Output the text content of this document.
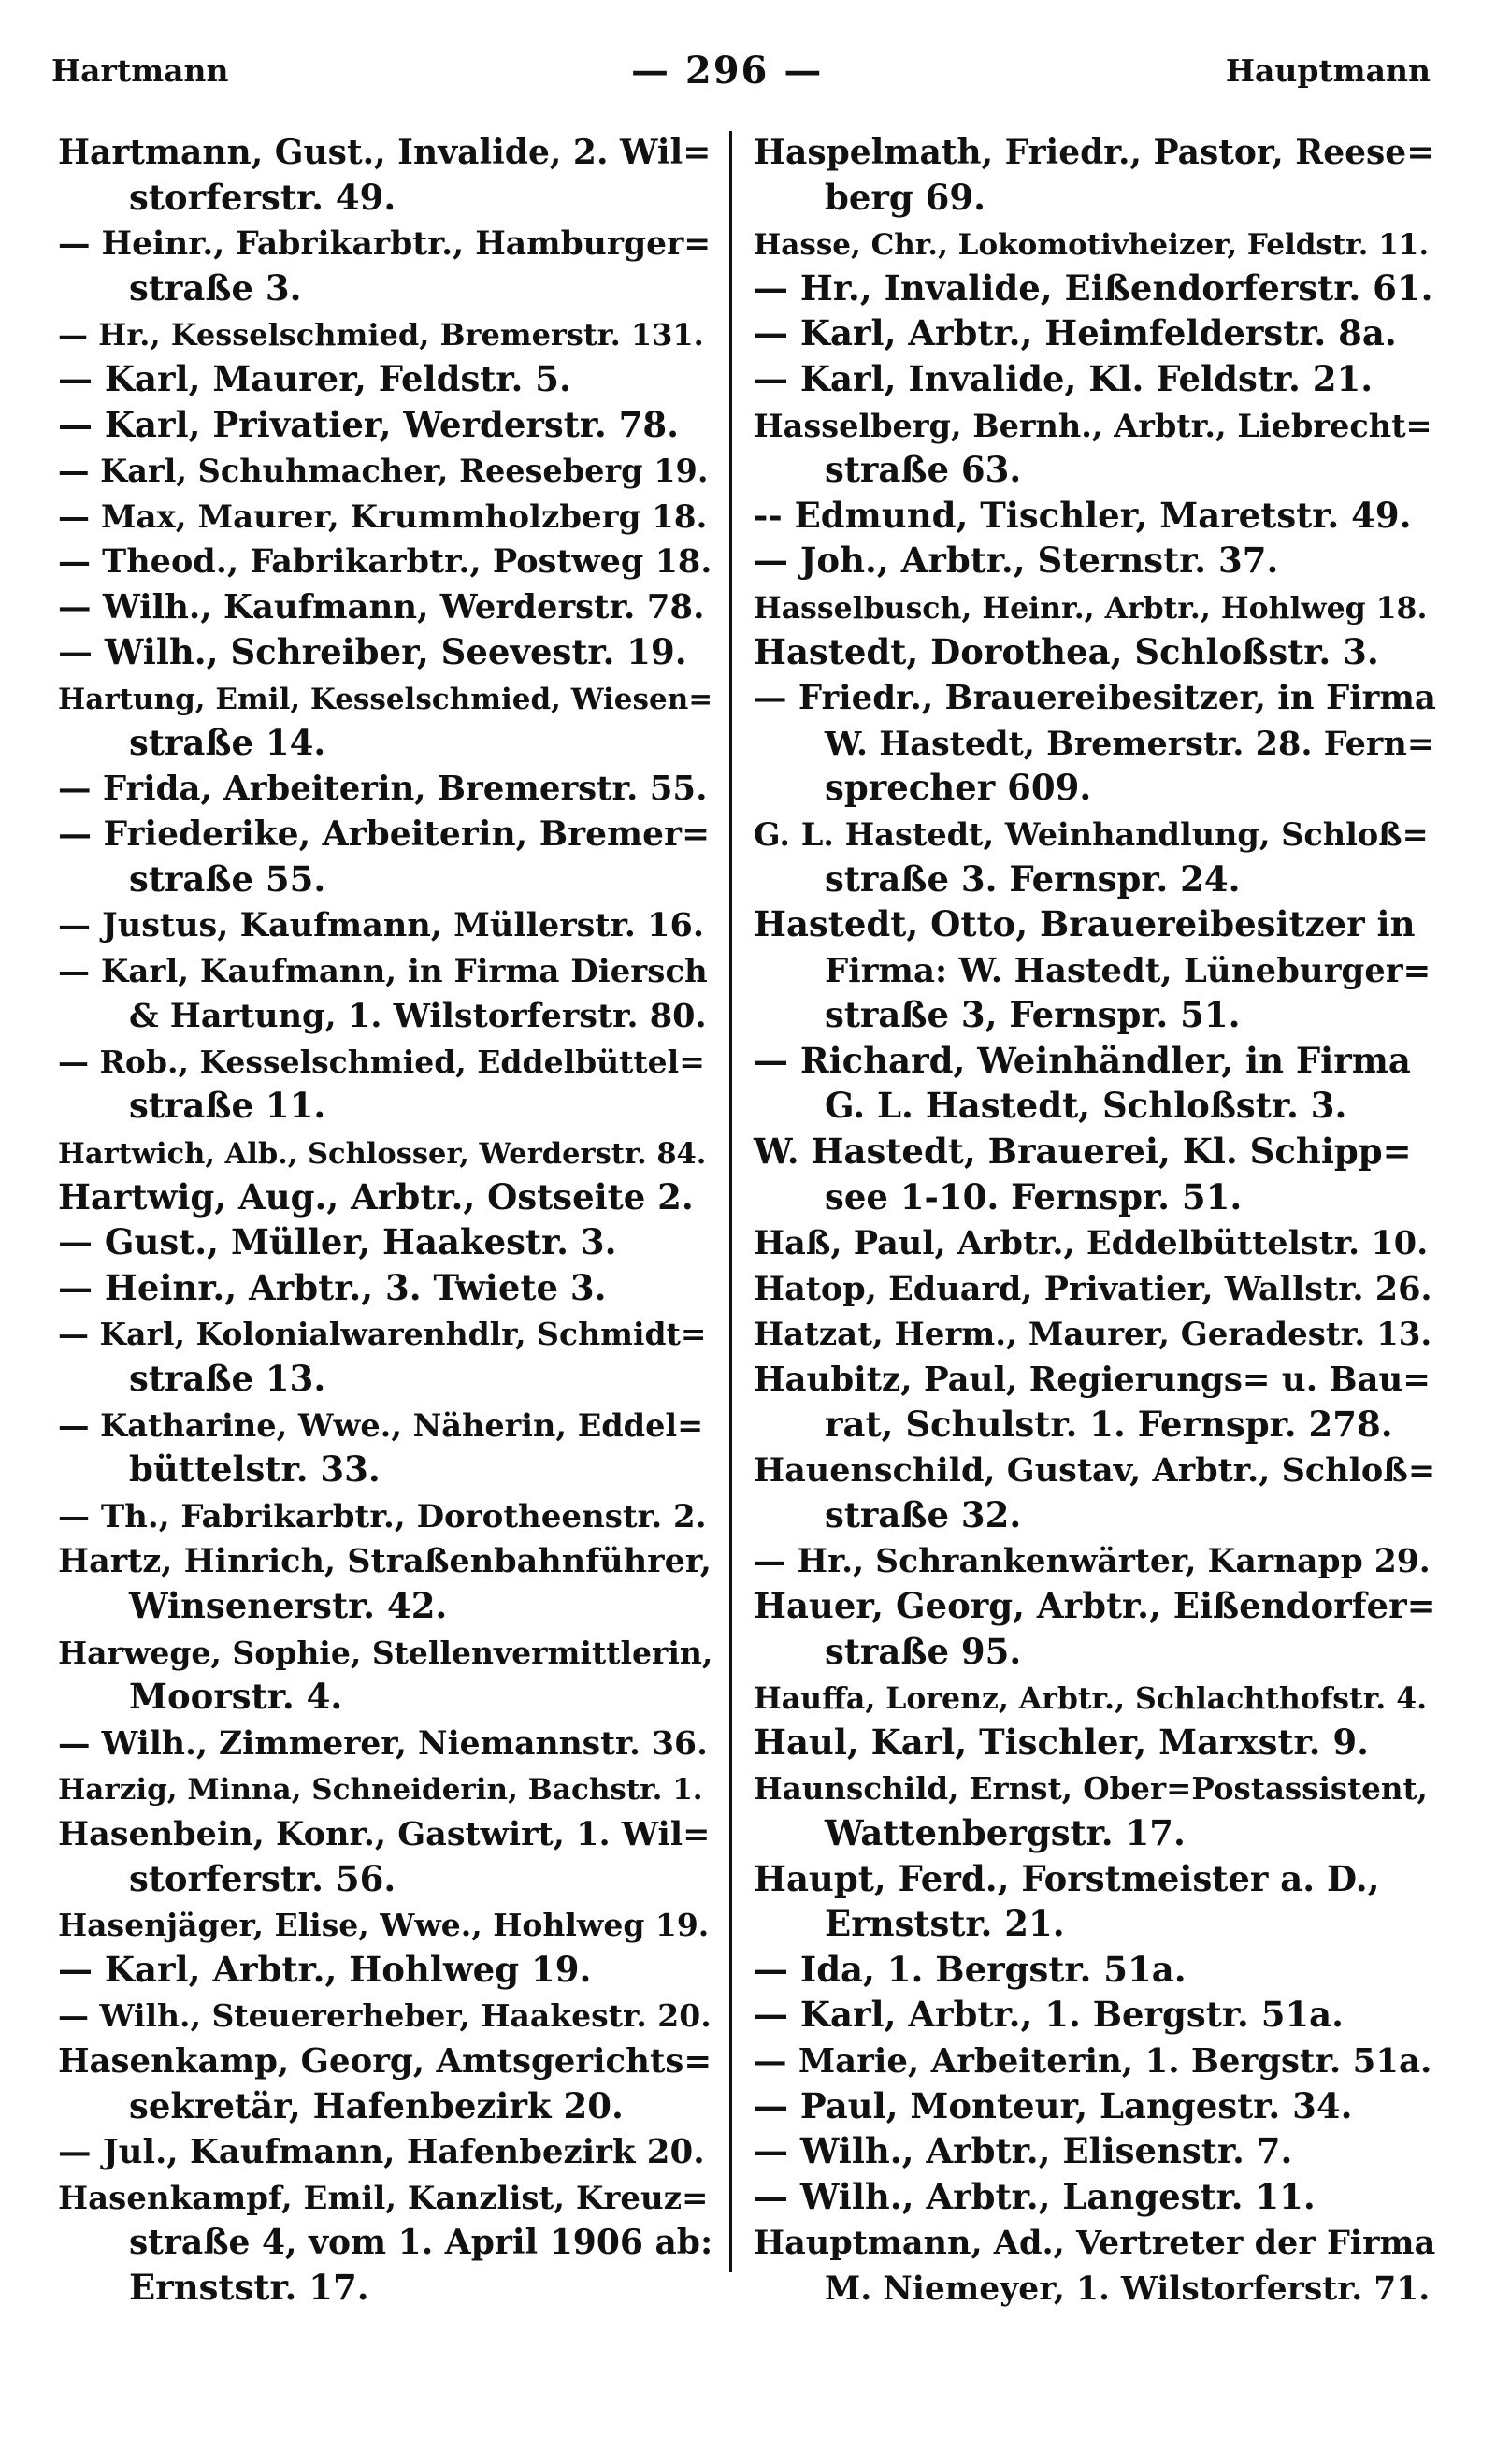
Hartmann	— 296 —	Hauptmann
Hartmann, Gust., Invalide, 2. Wil=
storferstr. 49.
— Heinr., Fabrikarbtr., Hamburger=
straße 3.
— Hr., Kesselschmied, Bremerstr. 131.
— Karl, Maurer, Feldstr. 5.
— Karl, Privatier, Werderstr. 78.
— Karl, Schuhmacher, Reeseberg 19.
— Max, Maurer, Krummholzberg 18.
— Theod., Fabrikarbtr., Postweg 18.
— Wilh., Kaufmann, Werderstr. 78.
— Wilh., Schreiber, Seevestr. 19.
Hartung, Emil, Kesselschmied, Wiesen=
straße 14.
— Frida, Arbeiterin, Bremerstr. 55.
— Friederike, Arbeiterin, Bremer=
straße 55.
— Justus, Kaufmann, Müllerstr. 16.
— Karl, Kaufmann, in Firma Diersch
& Hartung, 1. Wilstorferstr. 80.
— Rob., Kesselschmied, Eddelbüttel=
straße 11.
Hartwich, Alb., Schlosser, Werderstr. 84.
Hartwig, Aug., Arbtr., Ostseite 2.
— Gust., Müller, Haakestr. 3.
— Heinr., Arbtr., 3. Twiete 3.
— Karl, Kolonialwarenhdlr, Schmidt=
straße 13.
— Katharine, Wwe., Näherin, Eddel=
büttelstr. 33.
— Th., Fabrikarbtr., Dorotheenstr. 2.
Hartz, Hinrich, Straßenbahnführer,
Winsenerstr. 42.
Harwege, Sophie, Stellenvermittlerin,
Moorstr. 4.
— Wilh., Zimmerer, Niemannstr. 36.
Harzig, Minna, Schneiderin, Bachstr. 1.
Hasenbein, Konr., Gastwirt, 1. Wil=
storferstr. 56.
Hasenjäger, Elise, Wwe., Hohlweg 19.
— Karl, Arbtr., Hohlweg 19.
— Wilh., Steuererheber, Haakestr. 20.
Hasenkamp, Georg, Amtsgerichts=
sekretär, Hafenbezirk 20.
— Jul., Kaufmann, Hafenbezirk 20.
Hasenkampf, Emil, Kanzlist, Kreuz=
straße 4, vom 1. April 1906 ab:
Ernststr. 17.
Haspelmath, Friedr., Pastor, Reese=
berg 69.
Hasse, Chr., Lokomotivheizer, Feldstr. 11.
— Hr., Invalide, Eißendorferstr. 61.
— Karl, Arbtr., Heimfelderstr. 8a.
— Karl, Invalide, Kl. Feldstr. 21.
Hasselberg, Bernh., Arbtr., Liebrecht=
straße 63.
-- Edmund, Tischler, Maretstr. 49.
— Joh., Arbtr., Sternstr. 37.
Hasselbusch, Heinr., Arbtr., Hohlweg 18.
Hastedt, Dorothea, Schloßstr. 3.
— Friedr., Brauereibesitzer, in Firma
W. Hastedt, Bremerstr. 28. Fern=
sprecher 609.
G. L. Hastedt, Weinhandlung, Schloß=
straße 3. Fernspr. 24.
Hastedt, Otto, Brauereibesitzer in
Firma: W. Hastedt, Lüneburger=
straße 3, Fernspr. 51.
— Richard, Weinhändler, in Firma
G. L. Hastedt, Schloßstr. 3.
W. Hastedt, Brauerei, Kl. Schipp=
see 1-10. Fernspr. 51.
Haß, Paul, Arbtr., Eddelbüttelstr. 10.
Hatop, Eduard, Privatier, Wallstr. 26.
Hatzat, Herm., Maurer, Geradestr. 13.
Haubitz, Paul, Regierungs= u. Bau=
rat, Schulstr. 1. Fernspr. 278.
Hauenschild, Gustav, Arbtr., Schloß=
straße 32.
— Hr., Schrankenwärter, Karnapp 29.
Hauer, Georg, Arbtr., Eißendorfer=
straße 95.
Hauffa, Lorenz, Arbtr., Schlachthofstr. 4.
Haul, Karl, Tischler, Marxstr. 9.
Haunschild, Ernst, Ober=Postassistent,
Wattenbergstr. 17.
Haupt, Ferd., Forstmeister a. D.,
Ernststr. 21.
— Ida, 1. Bergstr. 51a.
— Karl, Arbtr., 1. Bergstr. 51a.
— Marie, Arbeiterin, 1. Bergstr. 51a.
— Paul, Monteur, Langestr. 34.
— Wilh., Arbtr., Elisenstr. 7.
— Wilh., Arbtr., Langestr. 11.
Hauptmann, Ad., Vertreter der Firma
M. Niemeyer, 1. Wilstorferstr. 71.
